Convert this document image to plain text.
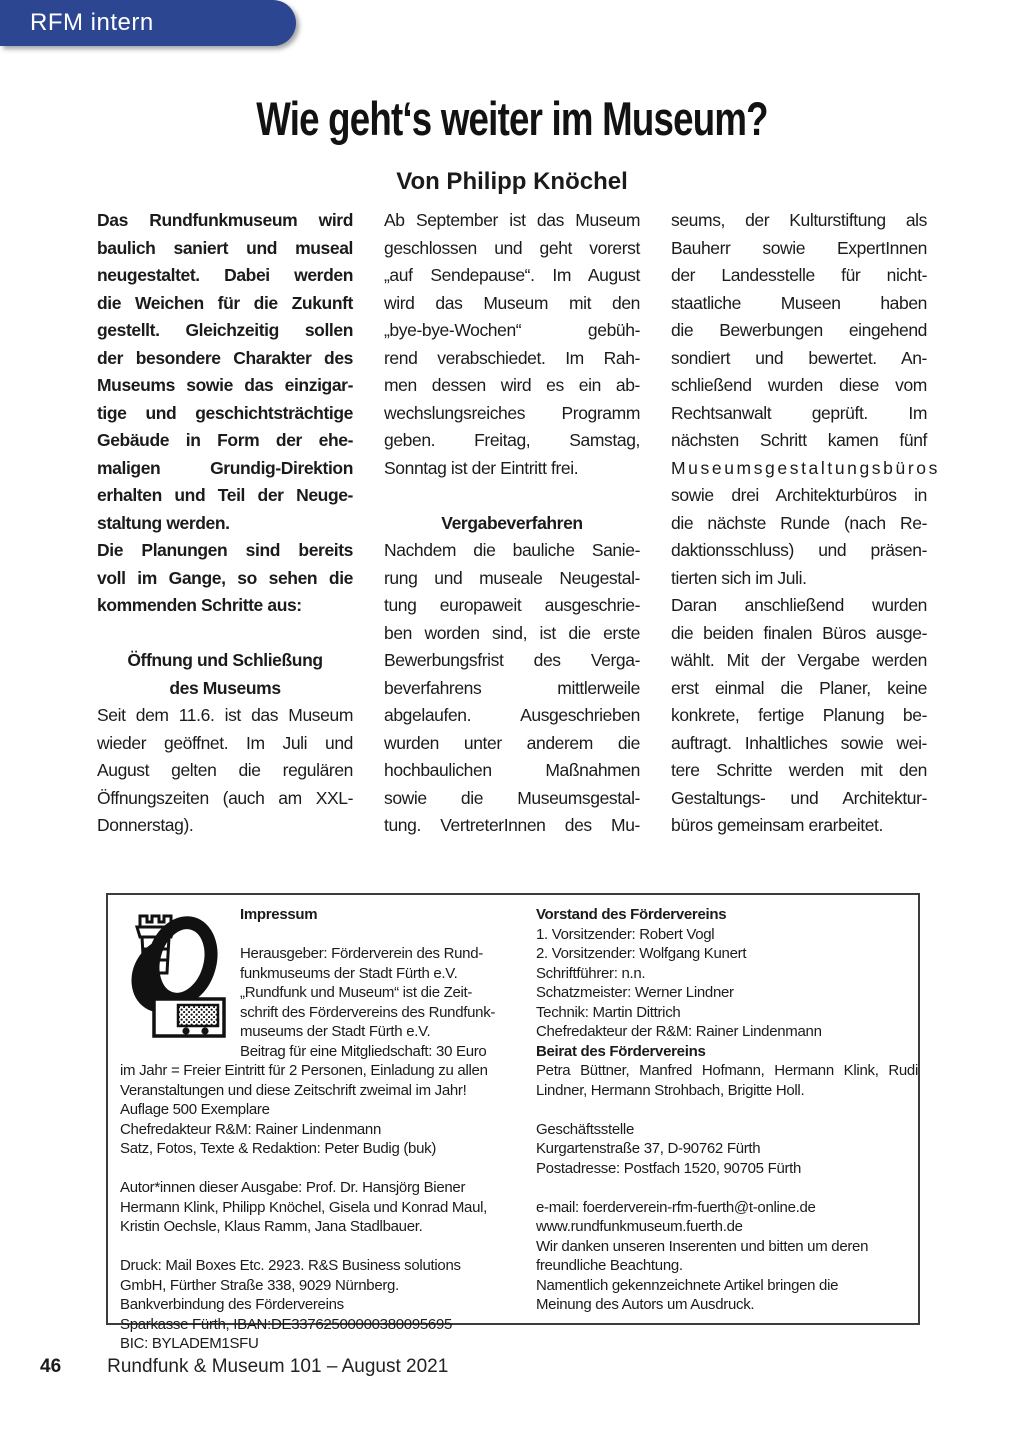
RFM intern
Wie geht‘s weiter im Museum?
Von Philipp Knöchel
Das Rundfunkmuseum wird
baulich saniert und museal
neugestaltet. Dabei werden
die Weichen für die Zukunft
gestellt. Gleichzeitig sollen
der besondere Charakter des
Museums sowie das einzigar-
tige und geschichtsträchtige
Gebäude in Form der ehe-
maligen Grundig-Direktion
erhalten und Teil der Neuge-
staltung werden.
Die Planungen sind bereits
voll im Gange, so sehen die
kommenden Schritte aus:

Öffnung und Schließung
des Museums
Seit dem 11.6. ist das Museum
wieder geöffnet. Im Juli und
August gelten die regulären
Öffnungszeiten (auch am XXL-
Donnerstag).
Ab September ist das Museum
geschlossen und geht vorerst
„auf Sendepause“. Im August
wird das Museum mit den
„bye-bye-Wochen“ gebüh-
rend verabschiedet. Im Rah-
men dessen wird es ein ab-
wechslungsreiches Programm
geben. Freitag, Samstag,
Sonntag ist der Eintritt frei.

Vergabeverfahren
Nachdem die bauliche Sanie-
rung und museale Neugestal-
tung europaweit ausgeschrie-
ben worden sind, ist die erste
Bewerbungsfrist des Verga-
beverfahrens mittlerweile
abgelaufen. Ausgeschrieben
wurden unter anderem die
hochbaulichen Maßnahmen
sowie die Museumsgestal-
tung. VertreterInnen des Mu-
seums, der Kulturstiftung als
Bauherr sowie ExpertInnen
der Landesstelle für nicht-
staatliche Museen haben
die Bewerbungen eingehend
sondiert und bewertet. An-
schließend wurden diese vom
Rechtsanwalt geprüft. Im
nächsten Schritt kamen fünf
Museumsgestaltungsbüros
sowie drei Architekturbüros in
die nächste Runde (nach Re-
daktionsschluss) und präsen-
tierten sich im Juli.
Daran anschließend wurden
die beiden finalen Büros ausge-
wählt. Mit der Vergabe werden
erst einmal die Planer, keine
konkrete, fertige Planung be-
auftragt. Inhaltliches sowie wei-
tere Schritte werden mit den
Gestaltungs- und Architektur-
büros gemeinsam erarbeitet.
Impressum

Herausgeber: Förderverein des Rund-
funkmuseums der Stadt Fürth e.V.
„Rundfunk und Museum“ ist die Zeit-
schrift des Fördervereins des Rundfunk-
museums der Stadt Fürth e.V.
Beitrag für eine Mitgliedschaft: 30 Euro
im Jahr = Freier Eintritt für 2 Personen, Einladung zu allen
Veranstaltungen und diese Zeitschrift zweimal im Jahr!
Auflage 500 Exemplare
Chefredakteur R&M: Rainer Lindenmann
Satz, Fotos, Texte & Redaktion: Peter Budig (buk)

Autor*innen dieser Ausgabe: Prof. Dr. Hansjörg Biener
Hermann Klink, Philipp Knöchel, Gisela und Konrad Maul,
Kristin Oechsle, Klaus Ramm, Jana Stadlbauer.

Druck: Mail Boxes Etc. 2923. R&S Business solutions
GmbH, Fürther Straße 338, 9029 Nürnberg.
Bankverbindung des Fördervereins
Sparkasse Fürth, IBAN:DE33762500000380095695
BIC: BYLADEM1SFU
Vorstand des Fördervereins
1. Vorsitzender: Robert Vogl
2. Vorsitzender: Wolfgang Kunert
Schriftführer: n.n.
Schatzmeister: Werner Lindner
Technik: Martin Dittrich
Chefredakteur der R&M: Rainer Lindenmann
Beirat des Fördervereins
Petra Büttner, Manfred Hofmann, Hermann Klink, Rudi
Lindner, Hermann Strohbach, Brigitte Holl.

Geschäftsstelle
Kurgartenstraße 37, D-90762 Fürth
Postadresse: Postfach 1520, 90705 Fürth

e-mail: foerderverein-rfm-fuerth@t-online.de
www.rundfunkmuseum.fuerth.de
Wir danken unseren Inserenten und bitten um deren
freundliche Beachtung.
Namentlich gekennzeichnete Artikel bringen die
Meinung des Autors um Ausdruck.
46 Rundfunk & Museum 101 – August 2021
